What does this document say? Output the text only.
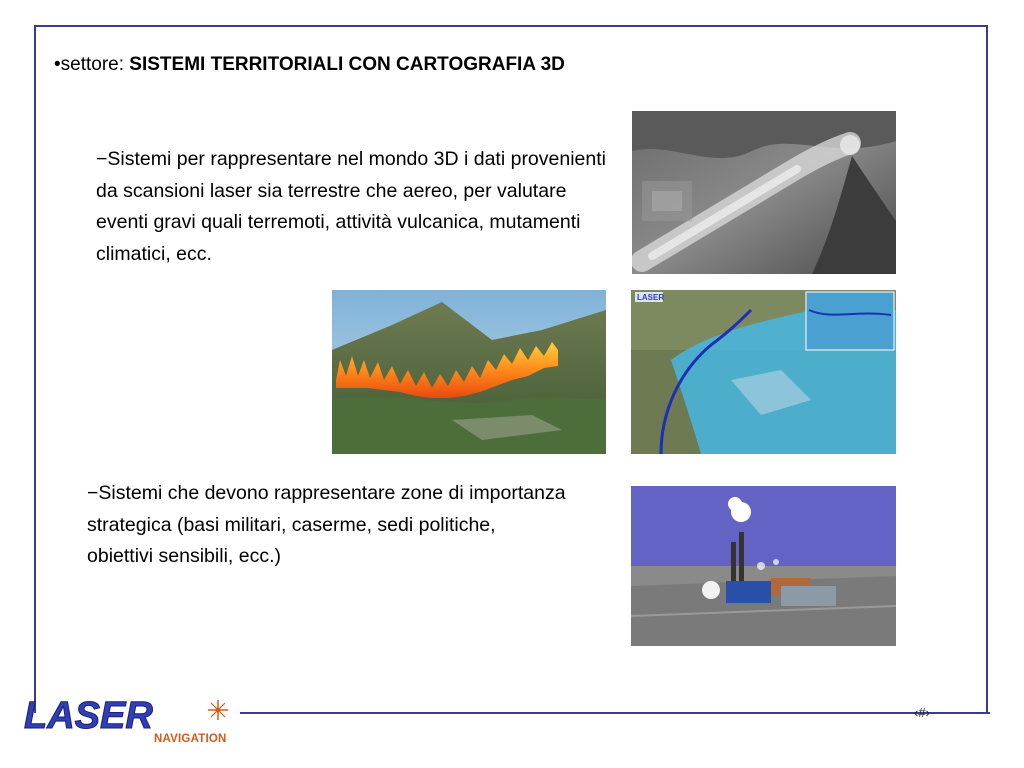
•settore: SISTEMI TERRITORIALI CON CARTOGRAFIA 3D
−Sistemi per rappresentare nel mondo 3D i dati provenienti da scansioni laser sia terrestre che aereo, per valutare eventi gravi quali terremoti, attività vulcanica, mutamenti climatici, ecc.
−Sistemi che devono rappresentare zone di importanza strategica (basi militari, caserme, sedi politiche, obiettivi sensibili, ecc.)
LASER
LASER
NAVIGATION
‹#›
